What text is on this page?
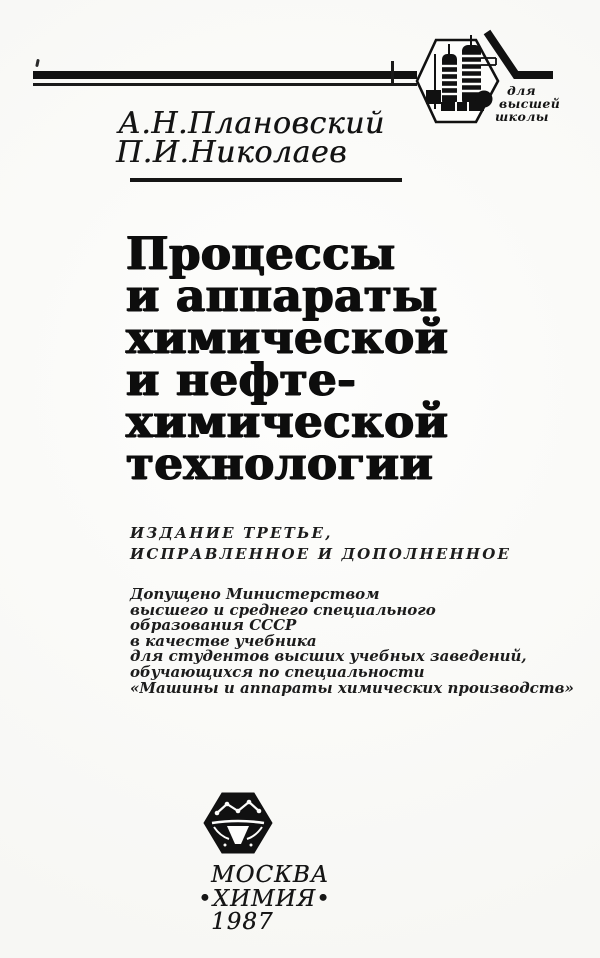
для
высшей
школы
А.Н.Плановский
П.И.Николаев
Процессы
и аппараты
химической
и нефте-
химической
технологии
ИЗДАНИЕ ТРЕТЬЕ,
ИСПРАВЛЕННОЕ И ДОПОЛНЕННОЕ
Допущено Министерством
высшего и среднего специального
образования СССР
в качестве учебника
для студентов высших учебных заведений,
обучающихся по специальности
«Машины и аппараты химических производств»
МОСКВА
•ХИМИЯ•
1987
